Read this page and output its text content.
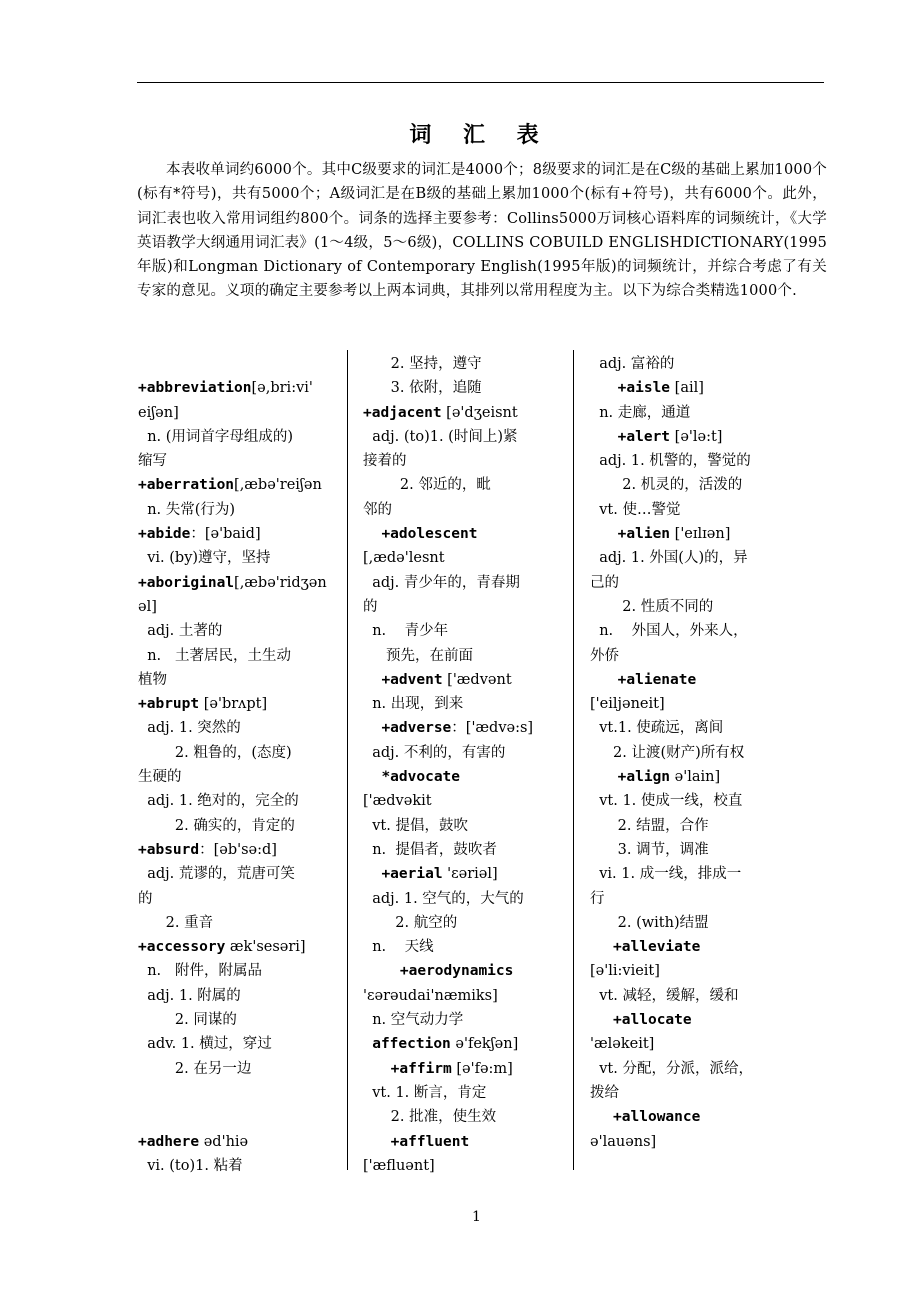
词 汇 表

本表收单词约6000个。其中C级要求的词汇是4000个；8级要求的词汇是在C级的基础上累加1000个(标有*符号)，共有5000个；A级词汇是在B级的基础上累加1000个(标有+符号)，共有6000个。此外，词汇表也收入常用词组约800个。词条的选择主要参考：Collins5000万词核心语料库的词频统计，《大学英语教学大纲通用词汇表》(1～4级，5～6级)，COLLINS COBUILD ENGLISHDICTIONARY(1995年版)和Longman Dictionary of Contemporary English(1995年版)的词频统计，并综合考虑了有关专家的意见。义项的确定主要参考以上两本词典，其排列以常用程度为主。以下为综合类精选1000个.

+abbreviation[ə,bri:vi'
eiʃən]
n. (用词首字母组成的)
缩写
+aberration[,æbə'reiʃən
n. 失常(行为)
+abide：[ə'baid]
vi. (by)遵守，坚持
+aboriginal[,æbə'ridʒən
əl]
adj. 土著的
n.   土著居民，土生动
植物
+abrupt [ə'brʌpt]
adj. 1. 突然的
2. 粗鲁的，(态度)
生硬的
adj. 1. 绝对的，完全的
2. 确实的，肯定的
+absurd：[əb'sə:d]
adj. 荒谬的，荒唐可笑
的
2. 重音
+accessory æk'sesəri]
n.   附件，附属品
adj. 1. 附属的
2. 同谋的
adv. 1. 横过，穿过
2. 在另一边
+adhere əd'hiə
vi. (to)1. 粘着
2. 坚持，遵守
3. 依附，追随
+adjacent [ə'dʒeisnt
adj. (to)1. (时间上)紧
接着的
2. 邻近的，毗
邻的
+adolescent
[,ædə'lesnt
adj. 青少年的，青春期
的
n.    青少年
预先，在前面
+advent ['ædvənt
n. 出现，到来
+adverse：['ædvə:s]
adj. 不利的，有害的
*advocate
['ædvəkit
vt. 提倡，鼓吹
n.  提倡者，鼓吹者
+aerial 'ɛəriəl]
adj. 1. 空气的，大气的
2. 航空的
n.    天线
+aerodynamics
'ɛərəudai'næmiks]
n. 空气动力学
affection ə'fekʃən]
+affirm [ə'fə:m]
vt. 1. 断言，肯定
2. 批准，使生效
+affluent
['æfluənt]
adj. 富裕的
+aisle [ail]
n. 走廊，通道
+alert [ə'lə:t]
adj. 1. 机警的，警觉的
2. 机灵的，活泼的
vt. 使…警觉
+alien ['eɪlɪən]
adj. 1. 外国(人)的，异
己的
2. 性质不同的
n.    外国人，外来人，
外侨
+alienate
['eiljəneit]
vt.1. 使疏远，离间
2. 让渡(财产)所有权
+align ə'lain]
vt. 1. 使成一线，校直
2. 结盟，合作
3. 调节，调准
vi. 1. 成一线，排成一
行
2. (with)结盟
+alleviate
[ə'li:vieit]
vt. 减轻，缓解，缓和
+allocate
'æləkeit]
vt. 分配，分派，派给，
拨给
+allowance
ə'lauəns]
1
